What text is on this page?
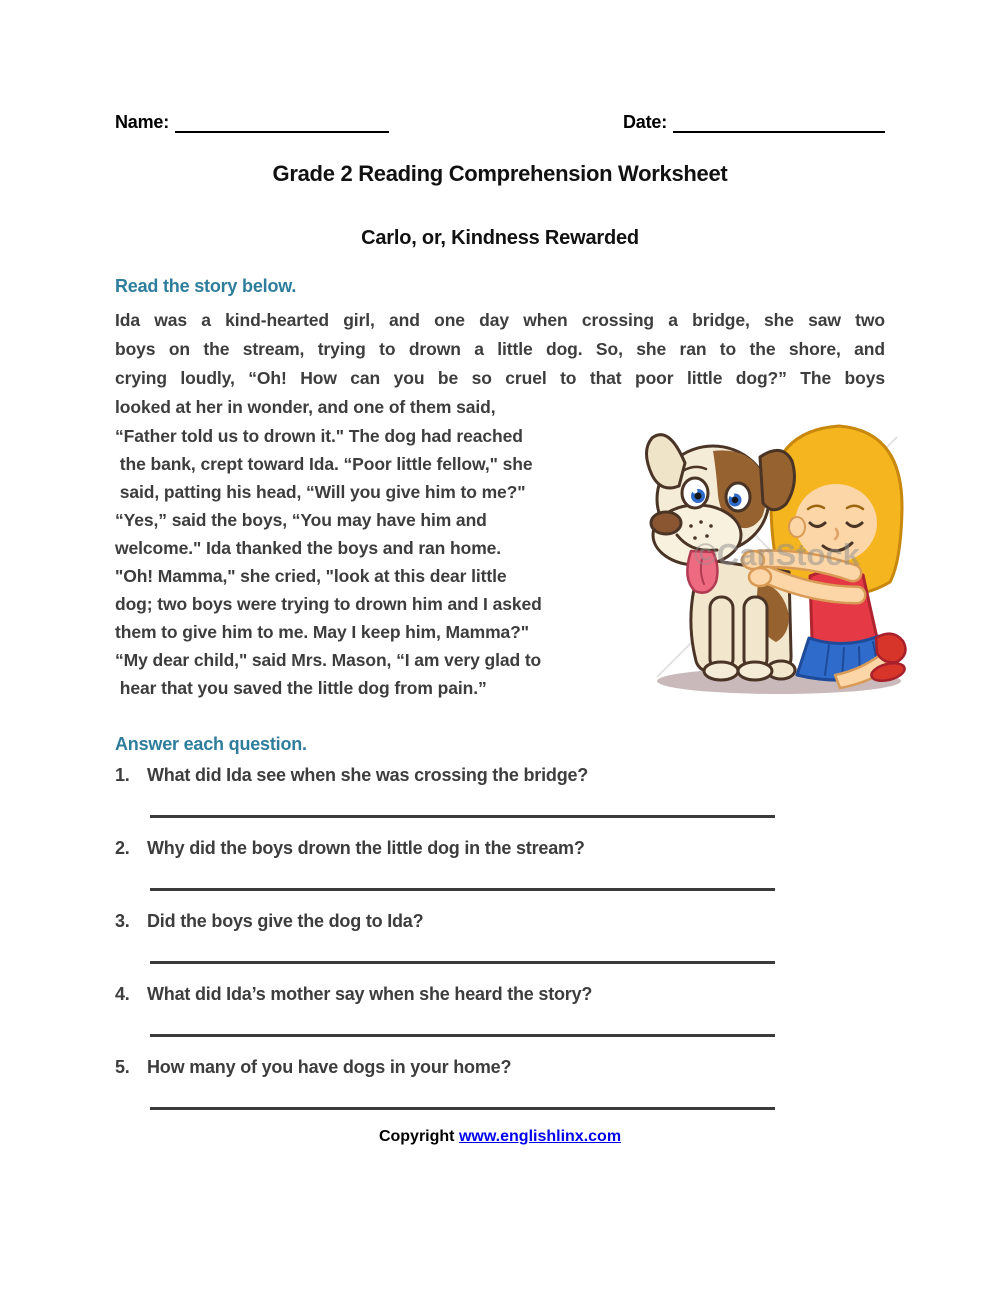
Name:	Date:
Grade 2 Reading Comprehension Worksheet
Carlo, or, Kindness Rewarded
Read the story below.
Ida was a kind-hearted girl, and one day when crossing a bridge, she saw two
boys on the stream, trying to drown a little dog. So, she ran to the shore, and
crying loudly, “Oh! How can you be so cruel to that poor little dog?” The boys
looked at her in wonder, and one of them said,
“Father told us to drown it." The dog had reached
the bank, crept toward Ida. “Poor little fellow," she
said, patting his head, “Will you give him to me?"
“Yes,” said the boys, “You may have him and
welcome." Ida thanked the boys and ran home.
"Oh! Mamma," she cried, "look at this dear little
dog; two boys were trying to drown him and I asked
them to give him to me. May I keep him, Mamma?"
“My dear child," said Mrs. Mason, “I am very glad to
hear that you saved the little dog from pain.”
©CanStock
Answer each question.
1. What did Ida see when she was crossing the bridge?
2. Why did the boys drown the little dog in the stream?
3. Did the boys give the dog to Ida?
4. What did Ida’s mother say when she heard the story?
5. How many of you have dogs in your home?
Copyright www.englishlinx.com
